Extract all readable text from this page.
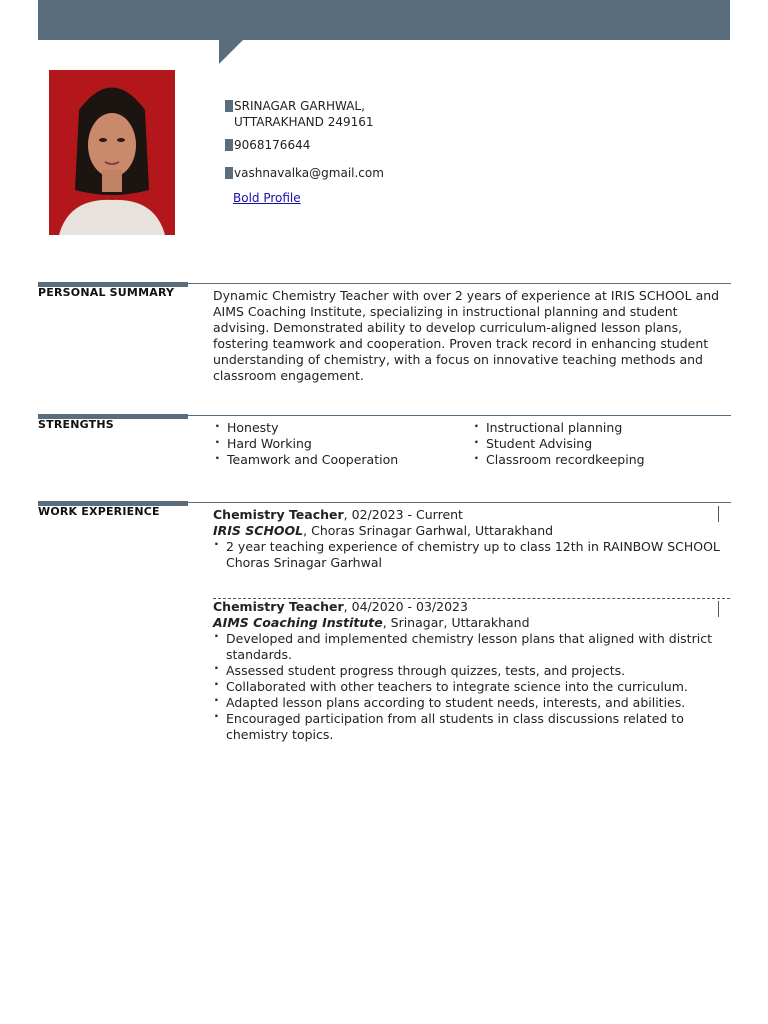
SRINAGAR GARHWAL, UTTARAKHAND 249161
9068176644
vashnavalka@gmail.com
Bold Profile
PERSONAL SUMMARY	Dynamic Chemistry Teacher with over 2 years of experience at IRIS SCHOOL and AIMS Coaching Institute, specializing in instructional planning and student advising. Demonstrated ability to develop curriculum-aligned lesson plans, fostering teamwork and cooperation. Proven track record in enhancing student understanding of chemistry, with a focus on innovative teaching methods and classroom engagement.
STRENGTHS
·	Honesty
· Hard Working
· Teamwork and Cooperation
· Instructional planning
· Student Advising
· Classroom recordkeeping
WORK EXPERIENCE	Chemistry Teacher, 02/2023 - Current
IRIS SCHOOL, Choras Srinagar Garhwal, Uttarakhand
· 2 year teaching experience of chemistry up to class 12th in RAINBOW SCHOOL Choras Srinagar Garhwal
Chemistry Teacher, 04/2020 - 03/2023
AIMS Coaching Institute, Srinagar, Uttarakhand
· Developed and implemented chemistry lesson plans that aligned with district standards.
· Assessed student progress through quizzes, tests, and projects.
· Collaborated with other teachers to integrate science into the curriculum.
· Adapted lesson plans according to student needs, interests, and abilities.
· Encouraged participation from all students in class discussions related to chemistry topics.
